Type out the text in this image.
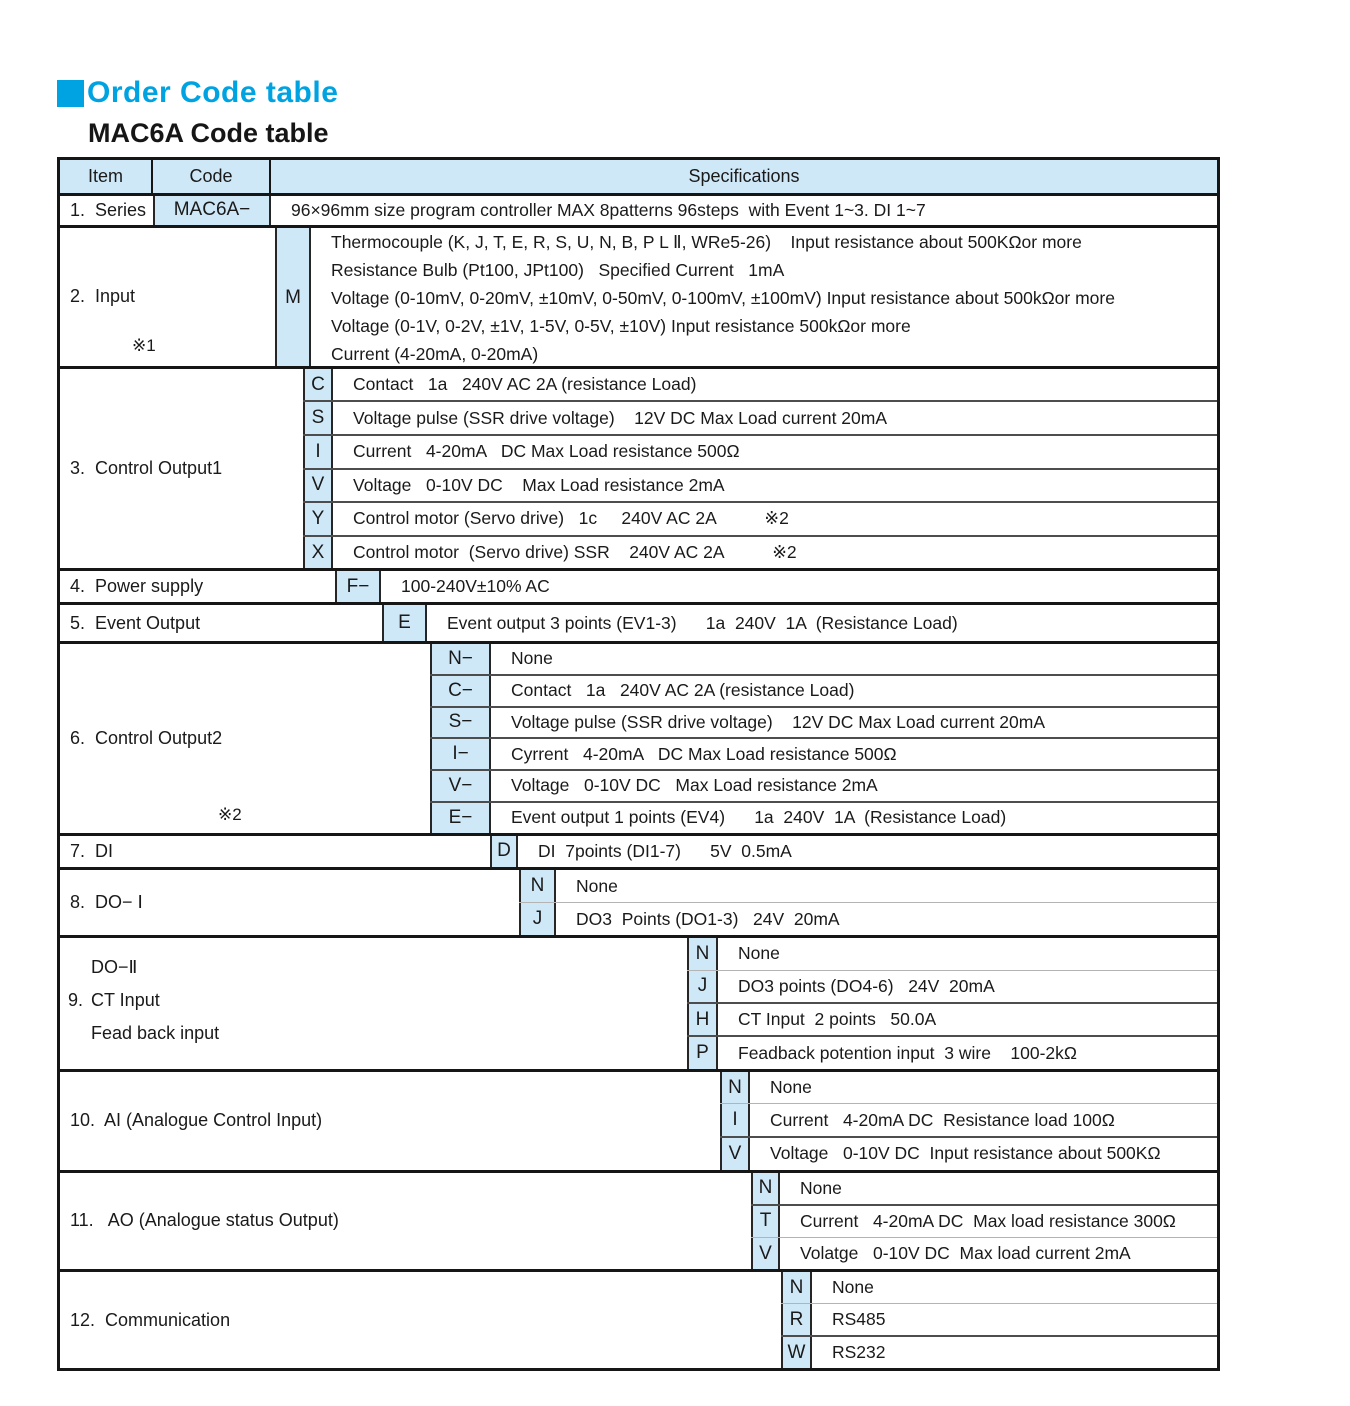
Order Code table
MAC6A Code table
Item	Code	Specifications
1.  Series MAC6A− 96×96mm size program controller MAX 8patterns 96steps  with Event 1~3. DI 1~7
2.  Input
※1
M
Thermocouple (K, J, T, E, R, S, U, N, B, P L Ⅱ, WRe5-26)    Input resistance about 500KΩor more
Resistance Bulb (Pt100, JPt100)   Specified Current   1mA
Voltage (0-10mV, 0-20mV, ±10mV, 0-50mV, 0-100mV, ±100mV) Input resistance about 500kΩor more
Voltage (0-1V, 0-2V, ±1V, 1-5V, 0-5V, ±10V) Input resistance 500kΩor more
Current (4-20mA, 0-20mA)
3.  Control Output1
C Contact   1a   240V AC 2A (resistance Load)
S Voltage pulse (SSR drive voltage)    12V DC Max Load current 20mA
I Current   4-20mA   DC Max Load resistance 500Ω
V Voltage   0-10V DC    Max Load resistance 2mA
Y Control motor (Servo drive)   1c     240V AC 2A          ※2
X Control motor  (Servo drive) SSR    240V AC 2A          ※2
4.  Power supply	F− 100-240V±10% AC
5.  Event Output	E Event output 3 points (EV1-3)      1a  240V  1A  (Resistance Load)
6.  Control Output2
※2
N− None
C− Contact   1a   240V AC 2A (resistance Load)
S− Voltage pulse (SSR drive voltage)    12V DC Max Load current 20mA
I− Cyrrent   4-20mA   DC Max Load resistance 500Ω
V− Voltage   0-10V DC   Max Load resistance 2mA
E− Event output 1 points (EV4)      1a  240V  1A  (Resistance Load)
7.  DI	D DI  7points (DI1-7)      5V  0.5mA
8.  DO− Ⅰ
N None
J DO3  Points (DO1-3)   24V  20mA
9.
DO−Ⅱ
CT Input
Fead back input
N None
J DO3 points (DO4-6)   24V  20mA
H CT Input  2 points   50.0A
P Feadback potention input  3 wire    100-2kΩ
10.  AI (Analogue Control Input)
N None
I Current   4-20mA DC  Resistance load 100Ω
V Voltage   0-10V DC  Input resistance about 500KΩ
11.   AO (Analogue status Output)
N None
T Current   4-20mA DC  Max load resistance 300Ω
V Volatge   0-10V DC  Max load current 2mA
12.  Communication
N None
R RS485
W RS232
